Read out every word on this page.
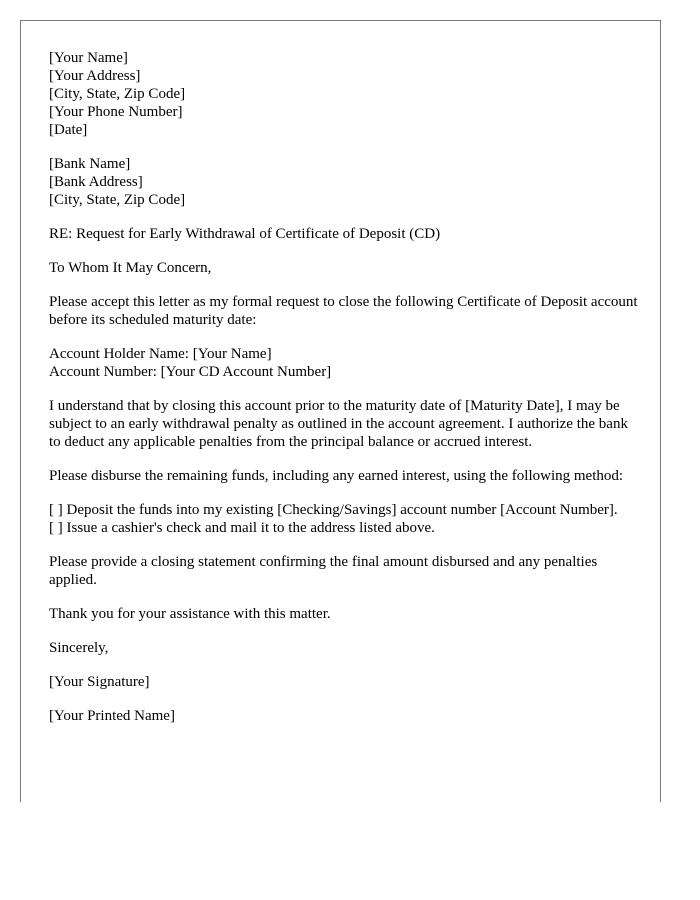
[Your Name]
[Your Address]
[City, State, Zip Code]
[Your Phone Number]
[Date]
[Bank Name]
[Bank Address]
[City, State, Zip Code]

RE: Request for Early Withdrawal of Certificate of Deposit (CD)

To Whom It May Concern,

Please accept this letter as my formal request to close the following Certificate of Deposit account before its scheduled maturity date:

Account Holder Name: [Your Name]
Account Number: [Your CD Account Number]

I understand that by closing this account prior to the maturity date of [Maturity Date], I may be subject to an early withdrawal penalty as outlined in the account agreement. I authorize the bank to deduct any applicable penalties from the principal balance or accrued interest.

Please disburse the remaining funds, including any earned interest, using the following method:

[ ] Deposit the funds into my existing [Checking/Savings] account number [Account Number].
[ ] Issue a cashier's check and mail it to the address listed above.

Please provide a closing statement confirming the final amount disbursed and any penalties applied.

Thank you for your assistance with this matter.

Sincerely,

[Your Signature]

[Your Printed Name]
